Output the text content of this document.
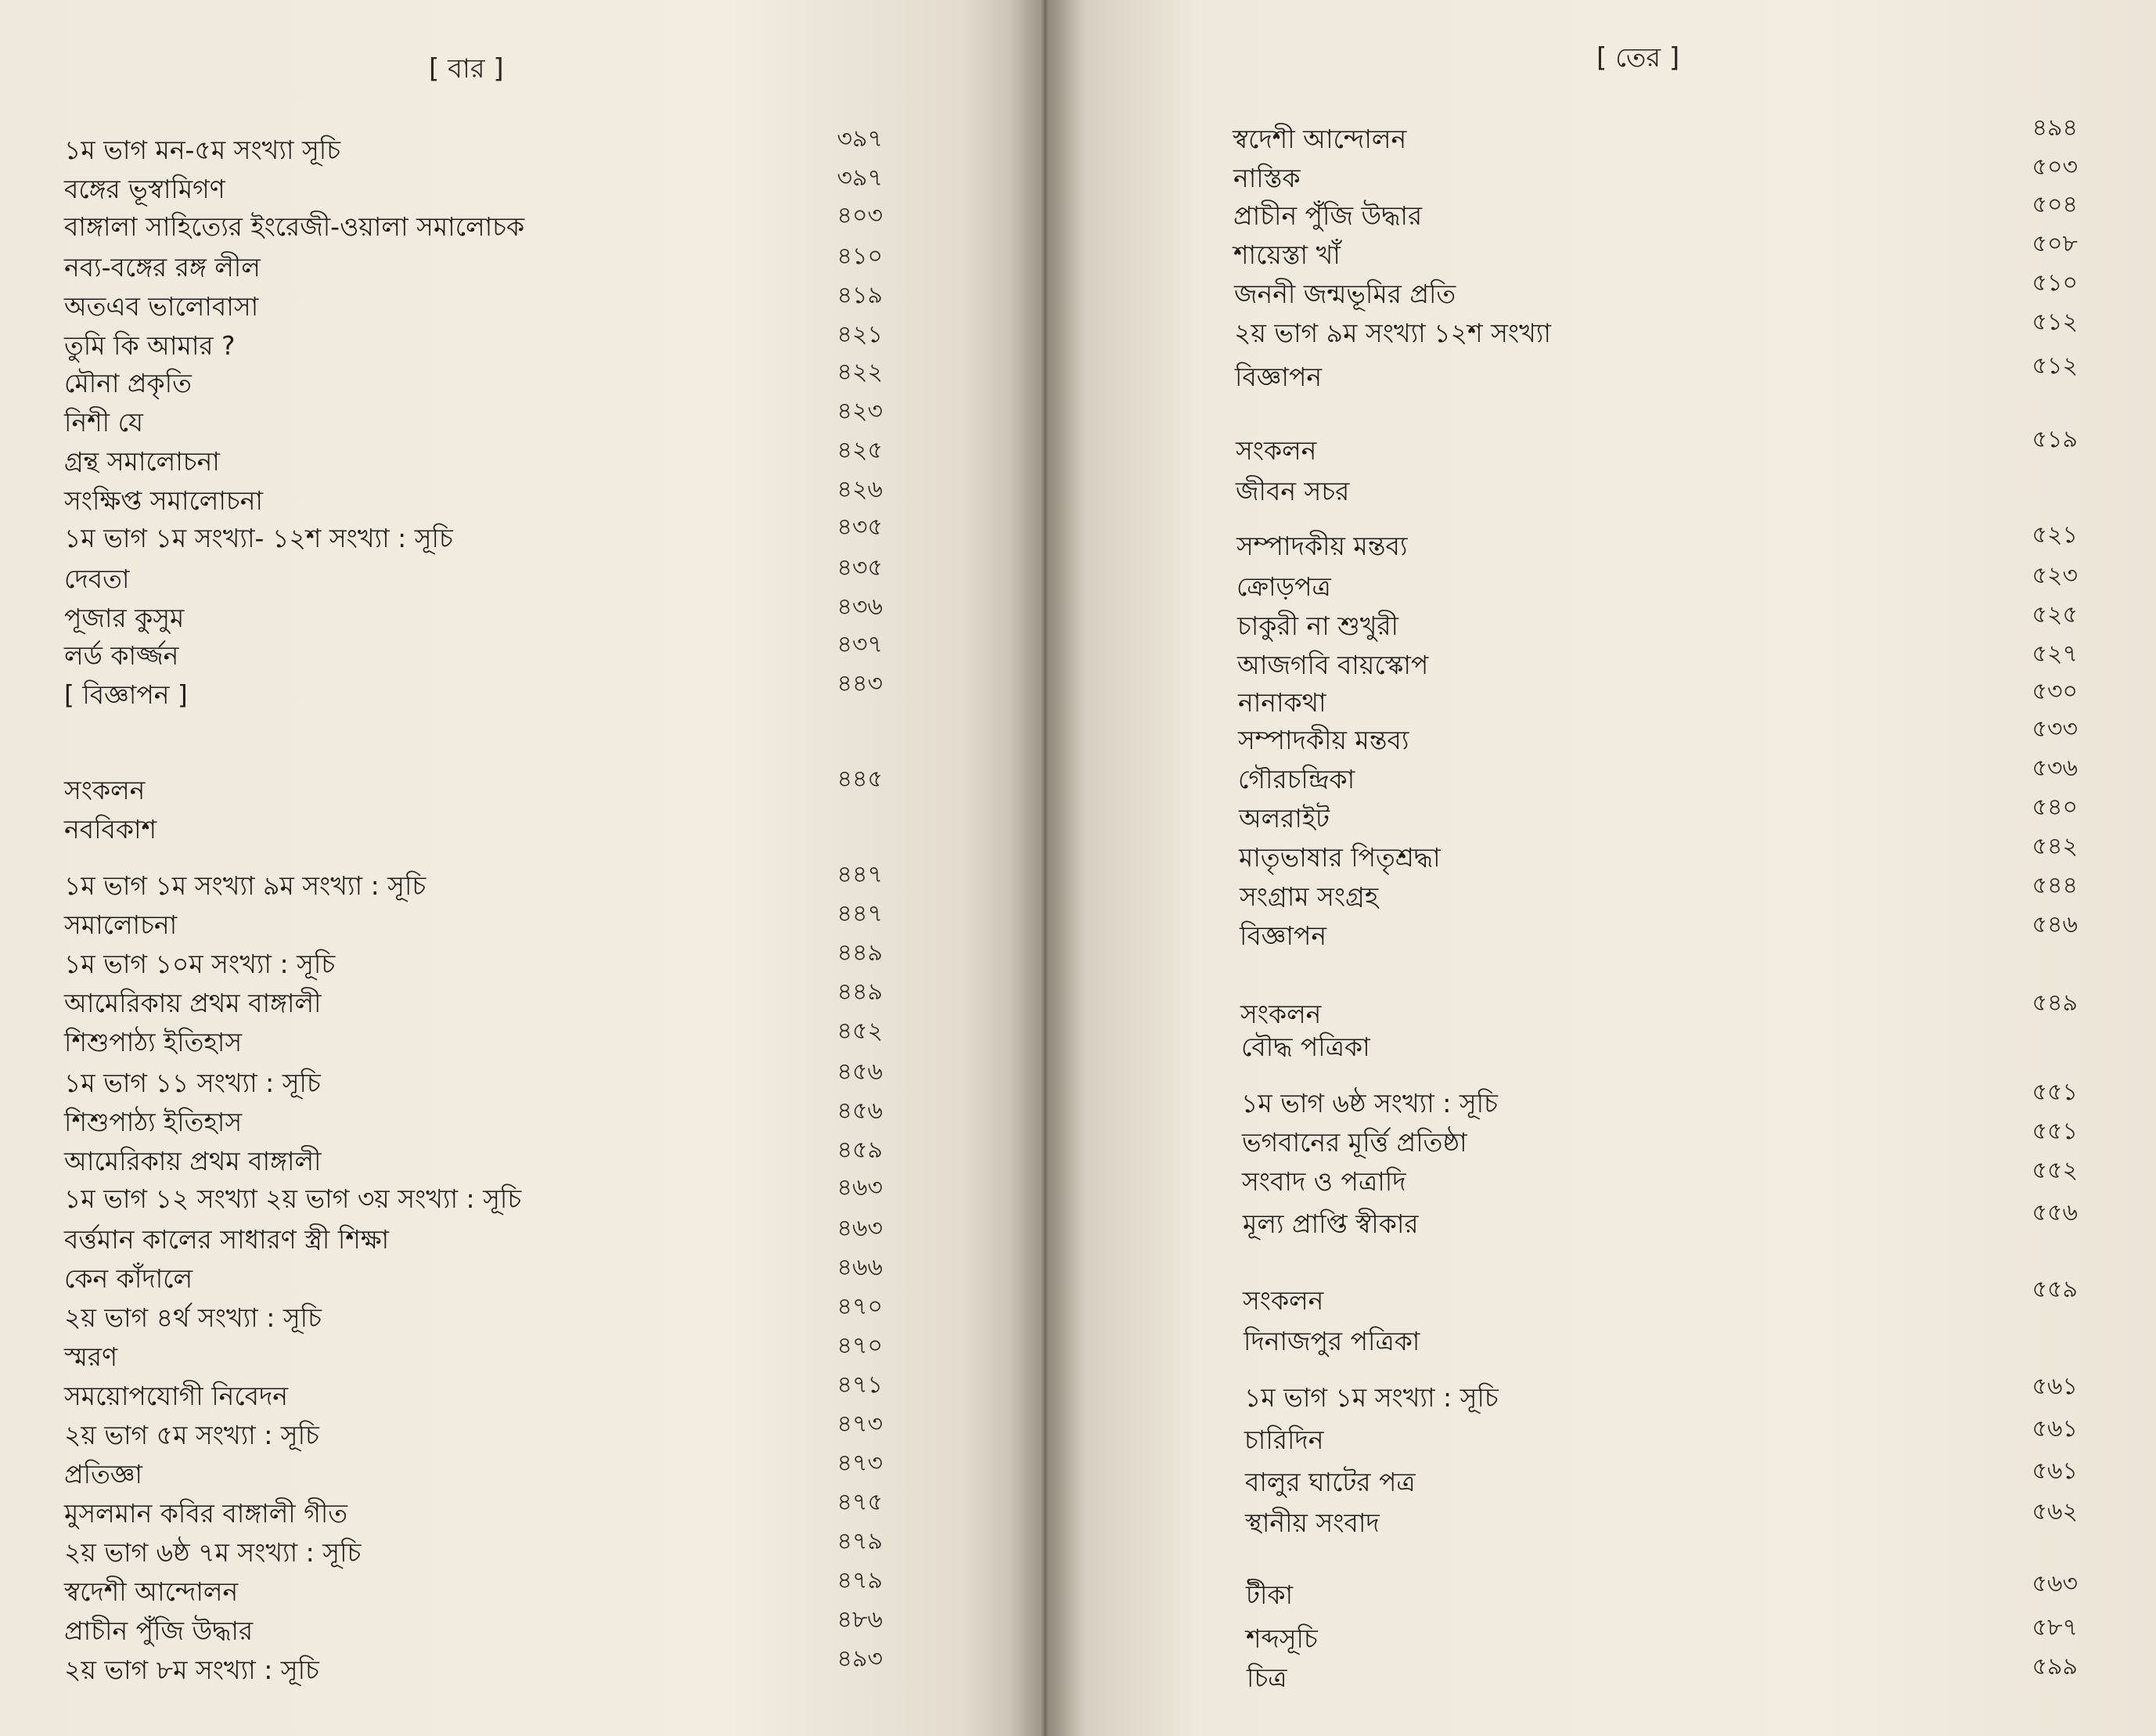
[ বার ]
১ম ভাগ মন-৫ম সংখ্যা সূচি	৩৯৭
বঙ্গের ভূস্বামিগণ	৩৯৭
বাঙ্গালা সাহিত্যের ইংরেজী-ওয়ালা সমালোচক	৪০৩
নব্য-বঙ্গের রঙ্গ লীল	৪১০
অতএব ভালোবাসা	৪১৯
তুমি কি আমার ?	৪২১
মৌনা প্রকৃতি	৪২২
নিশী যে	৪২৩
গ্রন্থ সমালোচনা	৪২৫
সংক্ষিপ্ত সমালোচনা	৪২৬
১ম ভাগ ১ম সংখ্যা- ১২শ সংখ্যা : সূচি	৪৩৫
দেবতা	৪৩৫
পূজার কুসুম	৪৩৬
লর্ড কার্জ্জন	৪৩৭
[ বিজ্ঞাপন ]	৪৪৩
সংকলন	৪৪৫
নববিকাশ
১ম ভাগ ১ম সংখ্যা ৯ম সংখ্যা : সূচি	৪৪৭
সমালোচনা	৪৪৭
১ম ভাগ ১০ম সংখ্যা : সূচি	৪৪৯
আমেরিকায় প্রথম বাঙ্গালী	৪৪৯
শিশুপাঠ্য ইতিহাস	৪৫২
১ম ভাগ ১১ সংখ্যা : সূচি	৪৫৬
শিশুপাঠ্য ইতিহাস	৪৫৬
আমেরিকায় প্রথম বাঙ্গালী	৪৫৯
১ম ভাগ ১২ সংখ্যা ২য় ভাগ ৩য় সংখ্যা : সূচি	৪৬৩
বর্ত্তমান কালের সাধারণ স্ত্রী শিক্ষা	৪৬৩
কেন কাঁদালে	৪৬৬
২য় ভাগ ৪র্থ সংখ্যা : সূচি	৪৭০
স্মরণ	৪৭০
সময়োপযোগী নিবেদন	৪৭১
২য় ভাগ ৫ম সংখ্যা : সূচি	৪৭৩
প্রতিজ্ঞা	৪৭৩
মুসলমান কবির বাঙ্গালী গীত	৪৭৫
২য় ভাগ ৬ষ্ঠ ৭ম সংখ্যা : সূচি	৪৭৯
স্বদেশী আন্দোলন	৪৭৯
প্রাচীন পুঁজি উদ্ধার	৪৮৬
২য় ভাগ ৮ম সংখ্যা : সূচি	৪৯৩
[ তের ]
স্বদেশী আন্দোলন	৪৯৪
নাস্তিক	৫০৩
প্রাচীন পুঁজি উদ্ধার	৫০৪
শায়েস্তা খাঁ	৫০৮
জননী জন্মভূমির প্রতি	৫১০
২য় ভাগ ৯ম সংখ্যা ১২শ সংখ্যা	৫১২
বিজ্ঞাপন	৫১২
সংকলন	৫১৯
জীবন সচর
সম্পাদকীয় মন্তব্য	৫২১
ক্রোড়পত্র	৫২৩
চাকুরী না শুখুরী	৫২৫
আজগবি বায়স্কোপ	৫২৭
নানাকথা	৫৩০
সম্পাদকীয় মন্তব্য	৫৩৩
গৌরচন্দ্রিকা	৫৩৬
অলরাইট	৫৪০
মাতৃভাষার পিতৃশ্রদ্ধা	৫৪২
সংগ্রাম সংগ্রহ	৫৪৪
বিজ্ঞাপন	৫৪৬
সংকলন	৫৪৯
বৌদ্ধ পত্রিকা
১ম ভাগ ৬ষ্ঠ সংখ্যা : সূচি	৫৫১
ভগবানের মূর্ত্তি প্রতিষ্ঠা	৫৫১
সংবাদ ও পত্রাদি	৫৫২
মূল্য প্রাপ্তি স্বীকার	৫৫৬
সংকলন	৫৫৯
দিনাজপুর পত্রিকা
১ম ভাগ ১ম সংখ্যা : সূচি	৫৬১
চারিদিন	৫৬১
বালুর ঘাটের পত্র	৫৬১
স্থানীয় সংবাদ	৫৬২
টীকা	৫৬৩
শব্দসূচি	৫৮৭
চিত্র	৫৯৯
